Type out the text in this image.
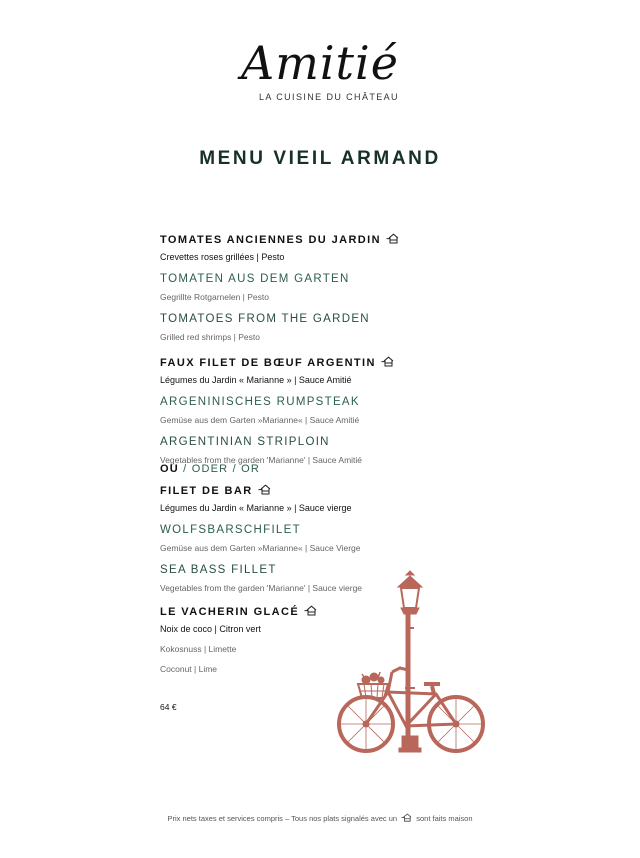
Amitié
LA CUISINE DU CHÂTEAU
MENU VIEIL ARMAND
TOMATES ANCIENNES DU JARDIN
Crevettes roses grillées | Pesto
TOMATEN AUS DEM GARTEN
Gegrillte Rotgarnelen | Pesto
TOMATOES FROM THE GARDEN
Grilled red shrimps | Pesto
FAUX FILET DE BŒUF ARGENTIN
Légumes du Jardin « Marianne » | Sauce Amitié
ARGENINISCHES RUMPSTEAK
Gemüse aus dem Garten »Marianne« | Sauce Amitié
ARGENTINIAN STRIPLOIN
Vegetables from the garden 'Marianne' | Sauce Amitié
OU / ODER / OR
FILET DE BAR
Légumes du Jardin « Marianne » | Sauce vierge
WOLFSBARSCHFILET
Gemüse aus dem Garten »Marianne« | Sauce Vierge
SEA BASS FILLET
Vegetables from the garden 'Marianne' | Sauce vierge
LE VACHERIN GLACÉ
Noix de coco | Citron vert
Kokosnuss | Limette
Coconut | Lime
64 €
Prix nets taxes et services compris – Tous nos plats signalés avec un	sont faits maison
